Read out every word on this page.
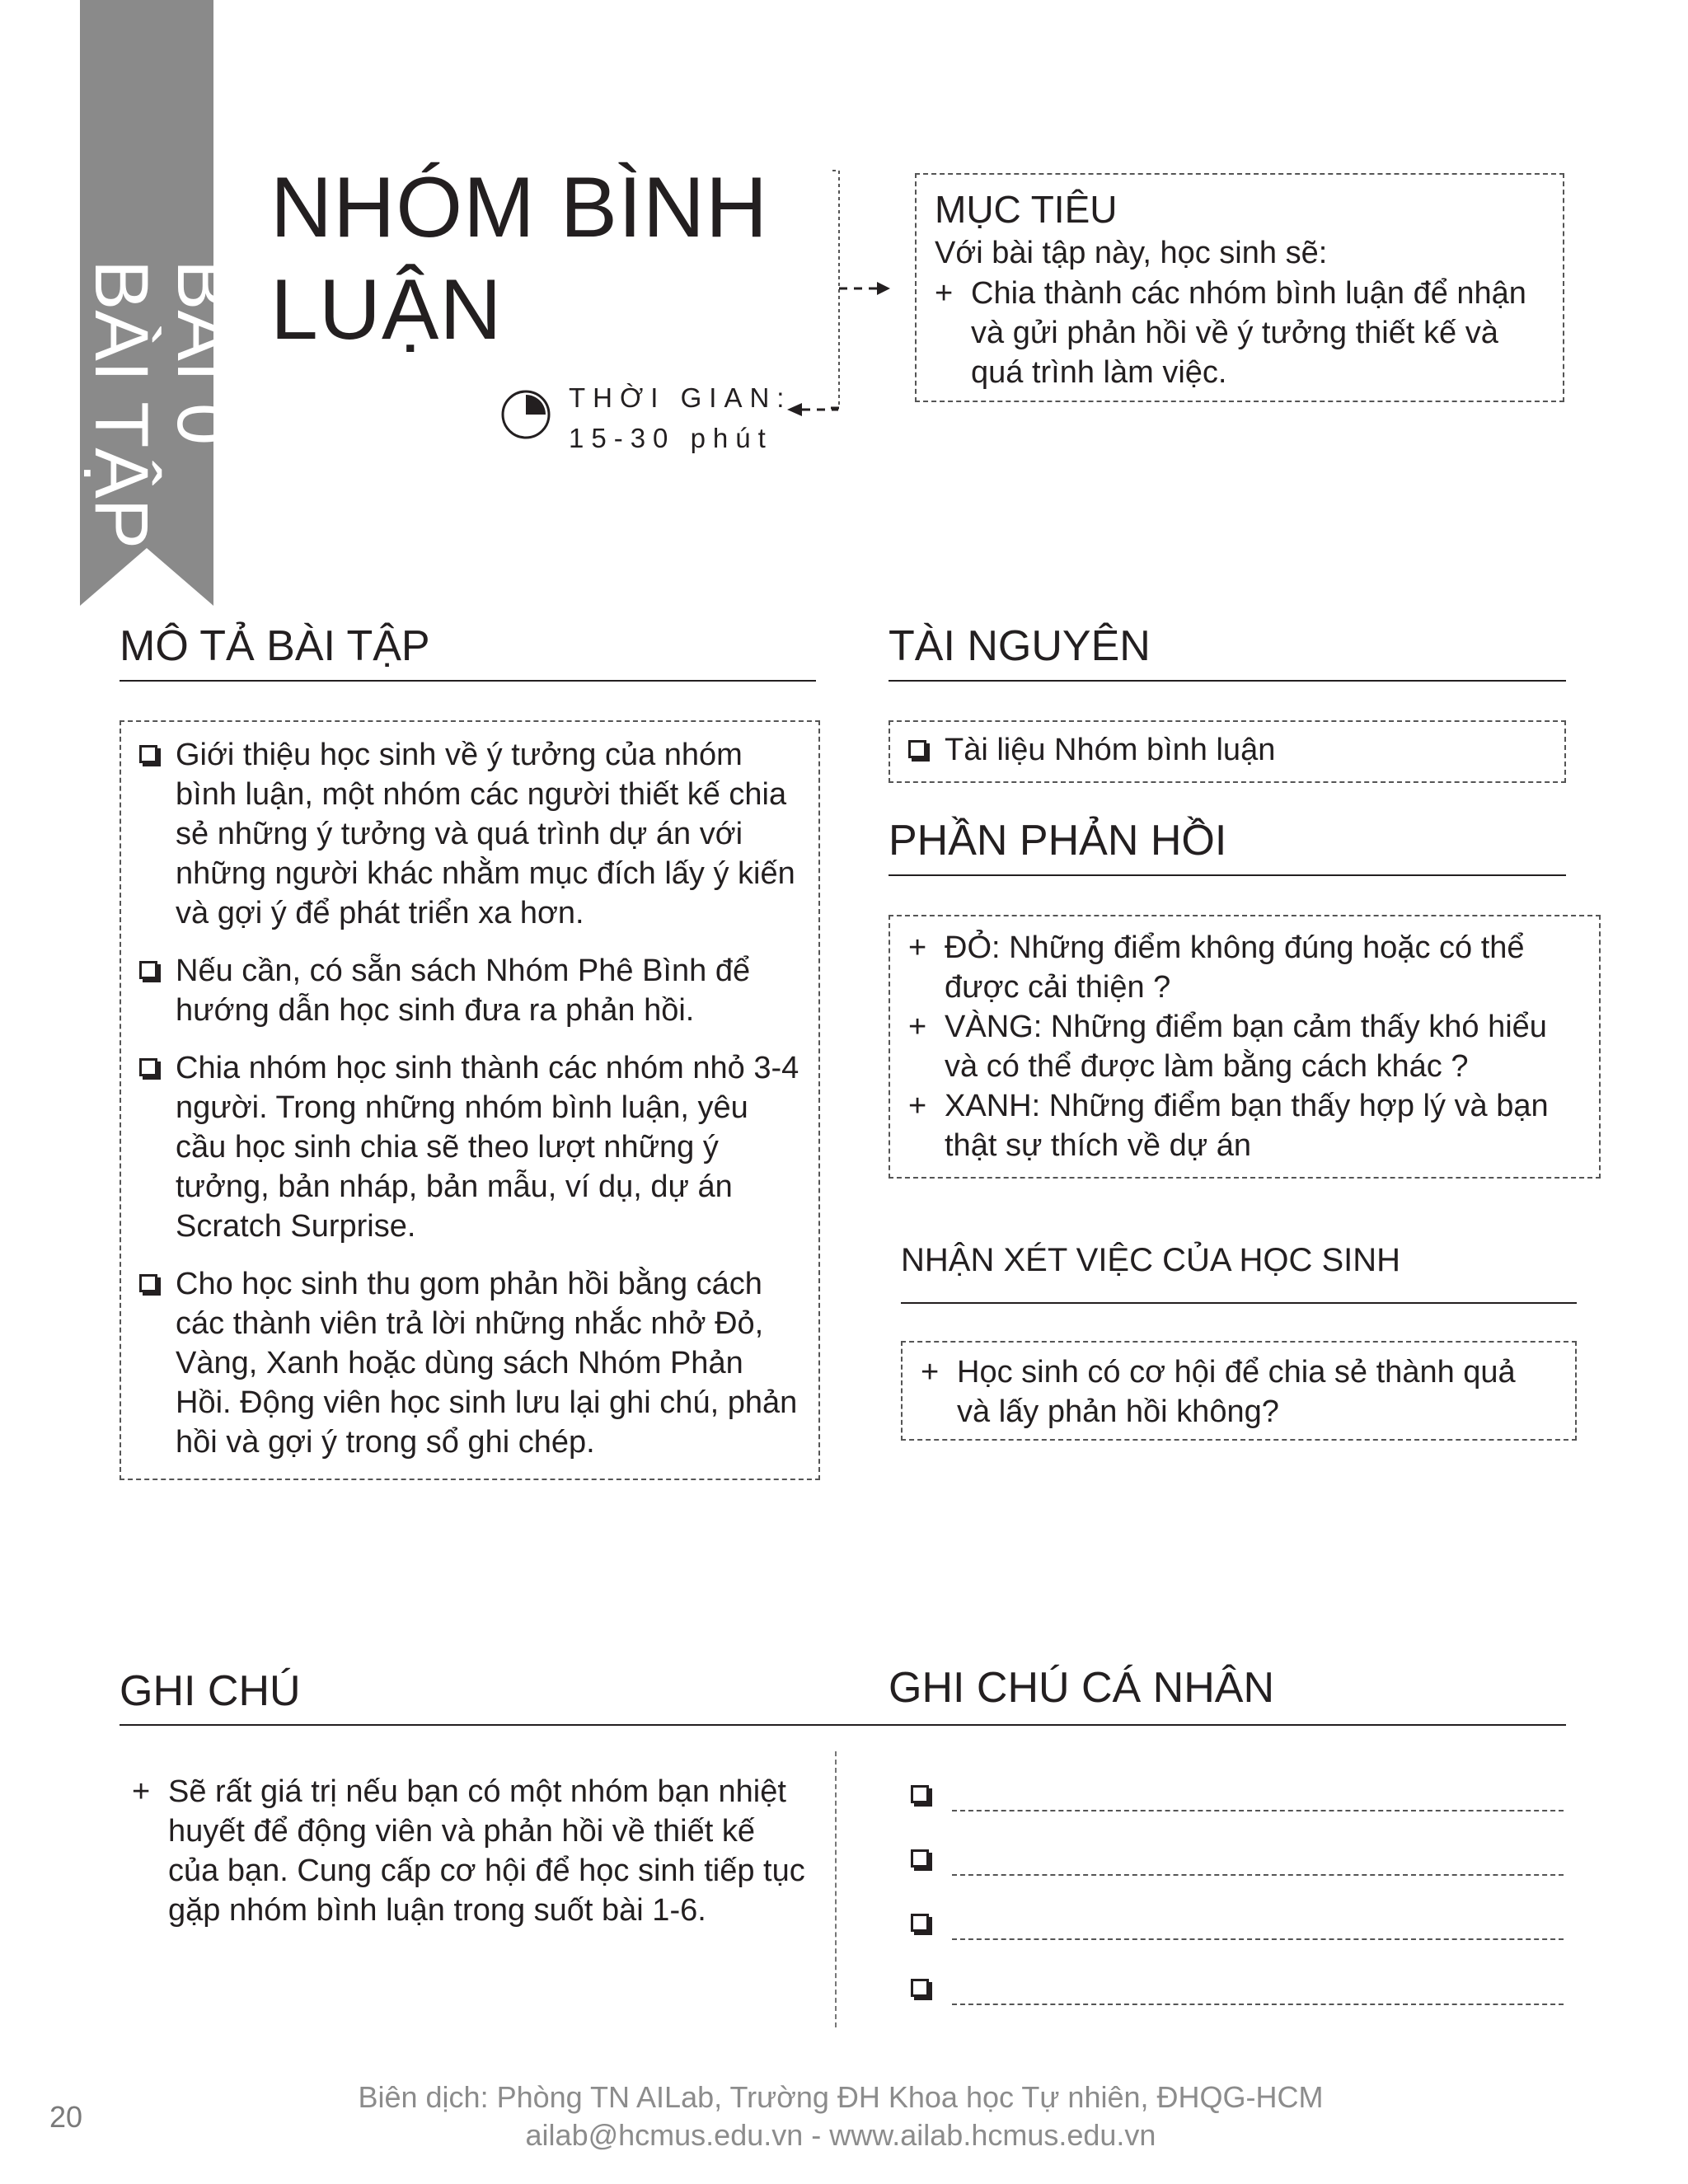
BÀI 0
BÀI TẬP
NHÓM BÌNH
LUẬN
THỜI GIAN:
15-30 phút
MỤC TIÊU
Với bài tập này, học sinh sẽ:
+ Chia thành các nhóm bình luận để nhận và gửi phản hồi về ý tưởng thiết kế và quá trình làm việc.
MÔ TẢ BÀI TẬP
Giới thiệu học sinh về ý tưởng của nhóm bình luận, một nhóm các người thiết kế chia sẻ những ý tưởng và quá trình dự án với những người khác nhằm mục đích lấy ý kiến và gợi ý để phát triển xa hơn.
Nếu cần, có sẵn sách Nhóm Phê Bình để hướng dẫn học sinh đưa ra phản hồi.
Chia nhóm học sinh thành các nhóm nhỏ 3-4 người. Trong những nhóm bình luận, yêu cầu học sinh chia sẽ theo lượt những ý tưởng, bản nháp, bản mẫu, ví dụ, dự án Scratch Surprise.
Cho học sinh thu gom phản hồi bằng cách các thành viên trả lời những nhắc nhở Đỏ, Vàng, Xanh hoặc dùng sách Nhóm Phản Hồi. Động viên học sinh lưu lại ghi chú, phản hồi và gợi ý trong sổ ghi chép.
TÀI NGUYÊN
Tài liệu Nhóm bình luận
PHẦN PHẢN HỒI
+ ĐỎ: Những điểm không đúng hoặc có thể được cải thiện ?
+ VÀNG: Những điểm bạn cảm thấy khó hiểu và có thể được làm bằng cách khác ?
+ XANH: Những điểm bạn thấy hợp lý và bạn thật sự thích về dự án
NHẬN XÉT VIỆC CỦA HỌC SINH
+ Học sinh có cơ hội để chia sẻ thành quả và lấy phản hồi không?
GHI CHÚ
+ Sẽ rất giá trị nếu bạn có một nhóm bạn nhiệt huyết để động viên và phản hồi về thiết kế của bạn. Cung cấp cơ hội để học sinh tiếp tục gặp nhóm bình luận trong suốt bài 1-6.
GHI CHÚ CÁ NHÂN
20
Biên dịch: Phòng TN AILab, Trường ĐH Khoa học Tự nhiên, ĐHQG-HCM
ailab@hcmus.edu.vn - www.ailab.hcmus.edu.vn
